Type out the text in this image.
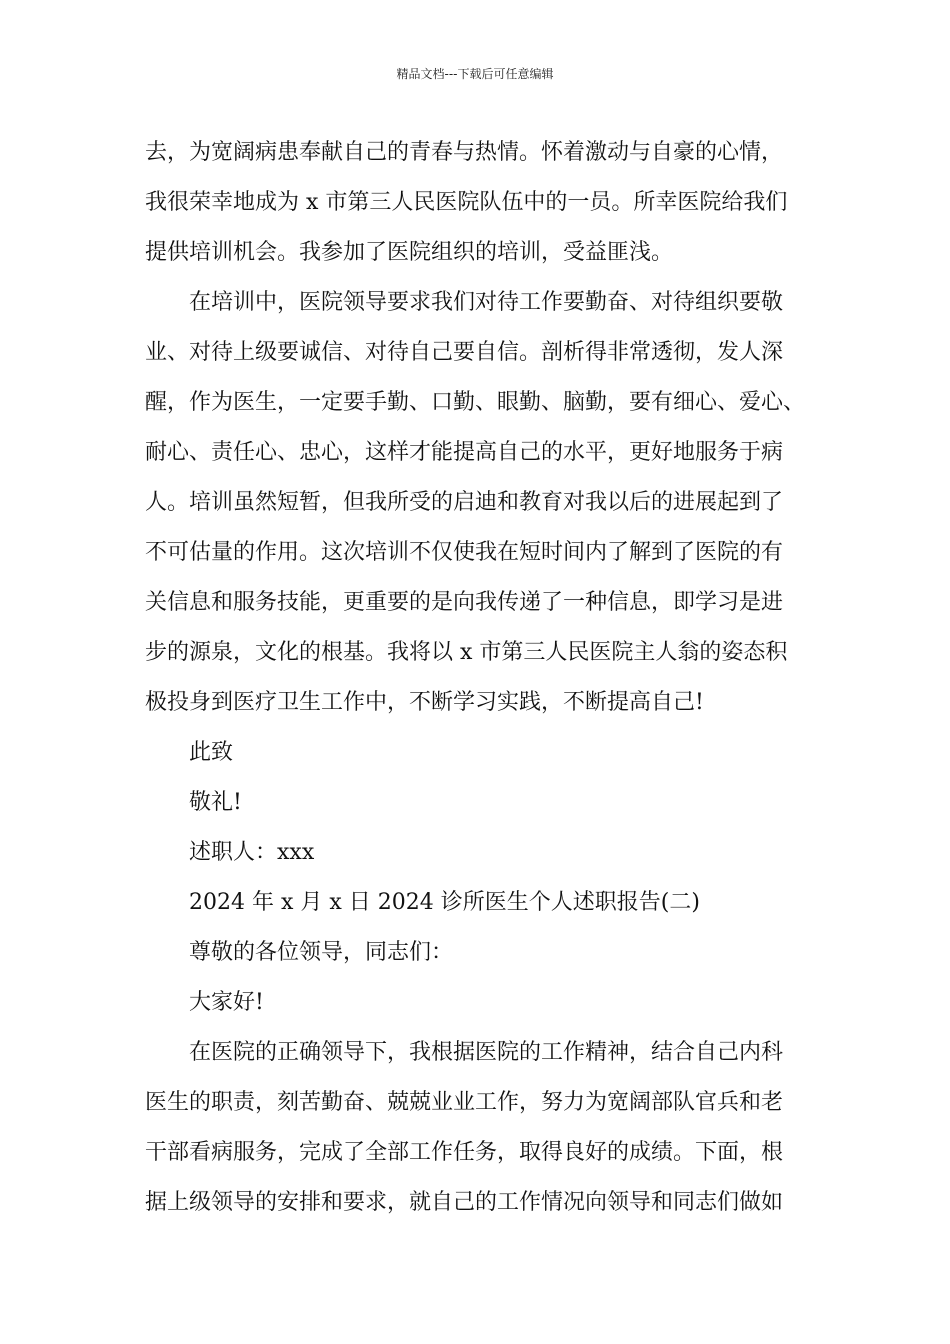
精品文档---下载后可任意编辑
去，为宽阔病患奉献自己的青春与热情。怀着激动与自豪的心情，
我很荣幸地成为 x 市第三人民医院队伍中的一员。所幸医院给我们
提供培训机会。我参加了医院组织的培训，受益匪浅。
在培训中，医院领导要求我们对待工作要勤奋、对待组织要敬
业、对待上级要诚信、对待自己要自信。剖析得非常透彻，发人深
醒，作为医生，一定要手勤、口勤、眼勤、脑勤，要有细心、爱心、
耐心、责任心、忠心，这样才能提高自己的水平，更好地服务于病
人。培训虽然短暂，但我所受的启迪和教育对我以后的进展起到了
不可估量的作用。这次培训不仅使我在短时间内了解到了医院的有
关信息和服务技能，更重要的是向我传递了一种信息，即学习是进
步的源泉，文化的根基。我将以 x 市第三人民医院主人翁的姿态积
极投身到医疗卫生工作中，不断学习实践，不断提高自己!
此致
敬礼!
述职人：xxx
2024 年 x 月 x 日 2024 诊所医生个人述职报告(二)
尊敬的各位领导，同志们：
大家好!
在医院的正确领导下，我根据医院的工作精神，结合自己内科
医生的职责，刻苦勤奋、兢兢业业工作，努力为宽阔部队官兵和老
干部看病服务，完成了全部工作任务，取得良好的成绩。下面，根
据上级领导的安排和要求，就自己的工作情况向领导和同志们做如
